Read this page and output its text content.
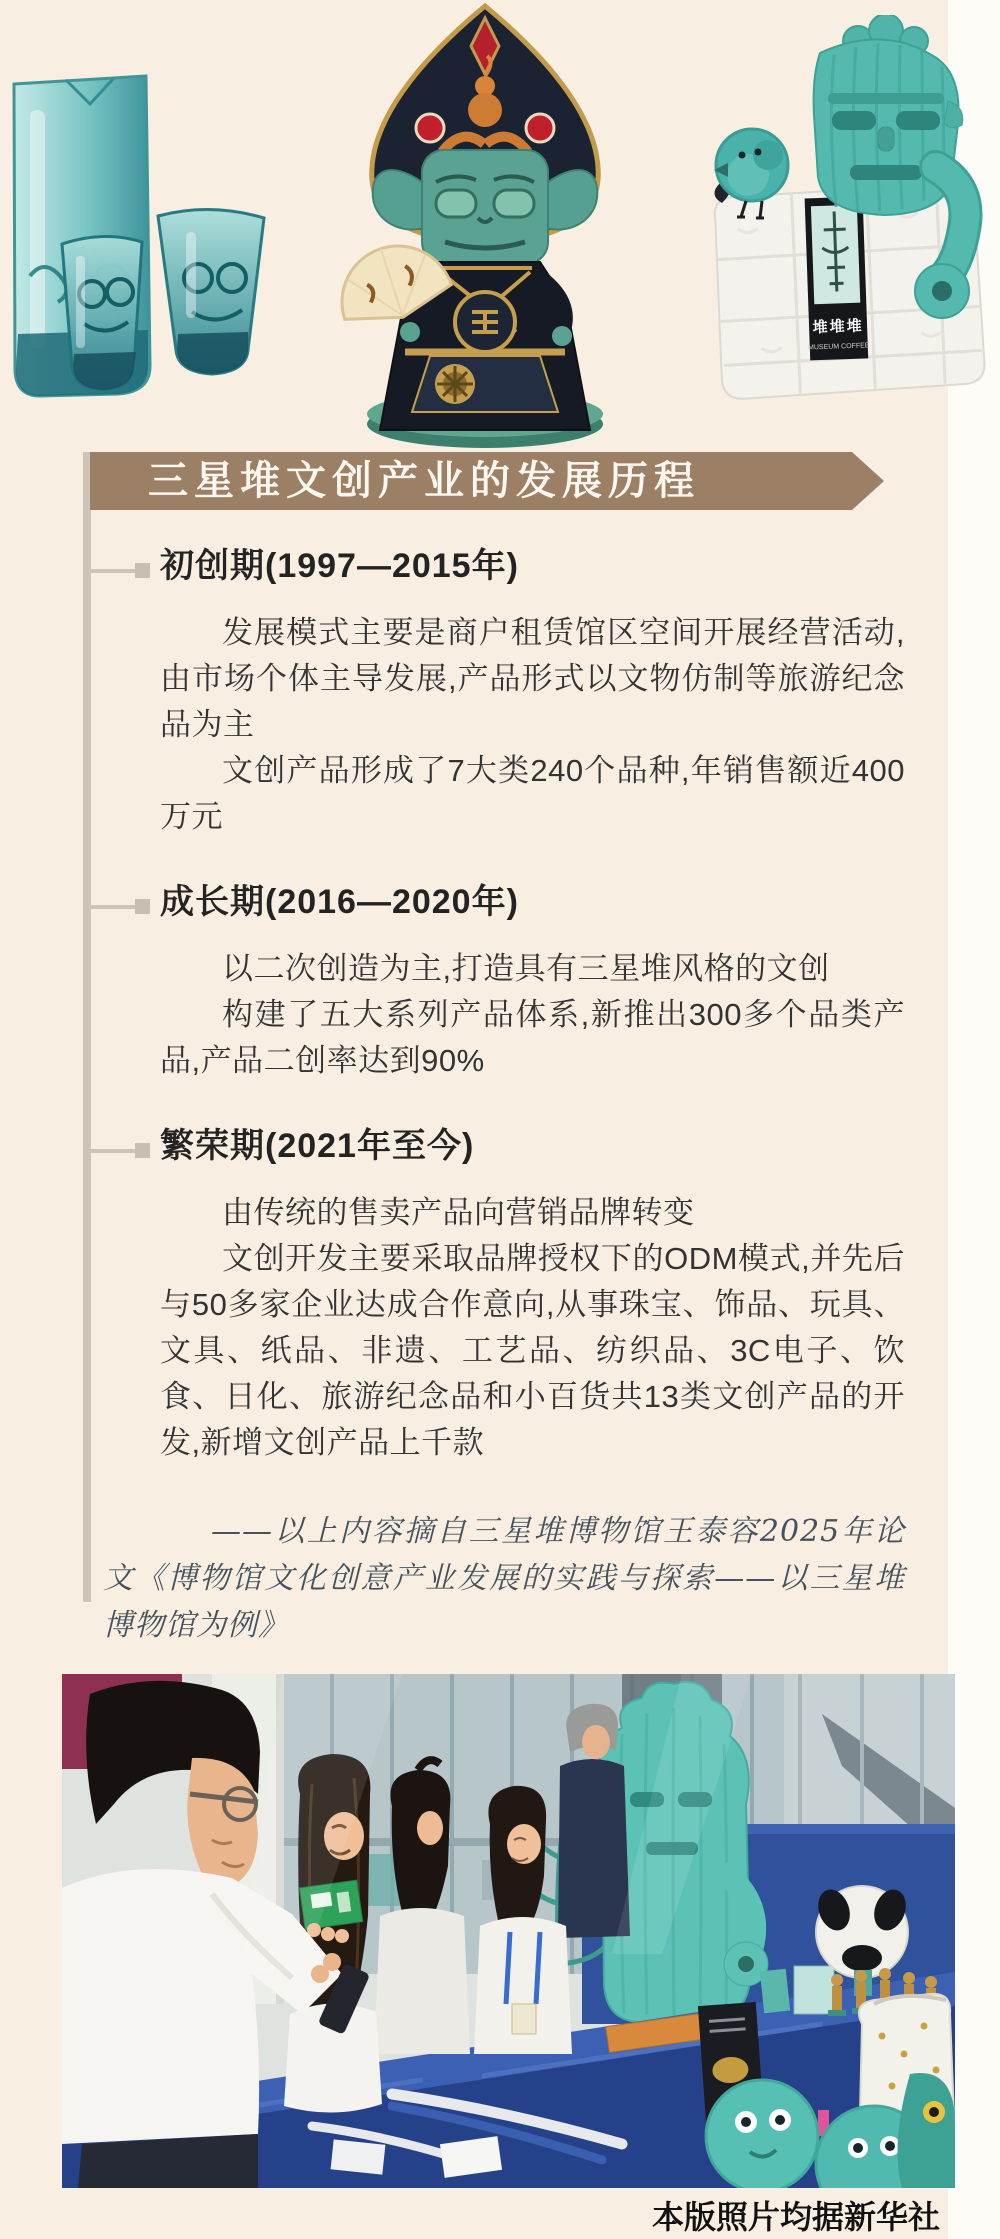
堆堆堆
MUSEUM COFFEE
三星堆文创产业的发展历程
初创期(1997—2015年)

发展模式主要是商户租赁馆区空间开展经营活动,由市场个体主导发展,产品形式以文物仿制等旅游纪念品为主

文创产品形成了7大类240个品种,年销售额近400万元

成长期(2016—2020年)

以二次创造为主,打造具有三星堆风格的文创

构建了五大系列产品体系,新推出300多个品类产品,产品二创率达到90%

繁荣期(2021年至今)

由传统的售卖产品向营销品牌转变

文创开发主要采取品牌授权下的ODM模式,并先后与50多家企业达成合作意向,从事珠宝、饰品、玩具、文具、纸品、非遗、工艺品、纺织品、3C电子、饮食、日化、旅游纪念品和小百货共13类文创产品的开发,新增文创产品上千款

——以上内容摘自三星堆博物馆王泰容2025年论文《博物馆文化创意产业发展的实践与探索——以三星堆博物馆为例》
本版照片均据新华社
